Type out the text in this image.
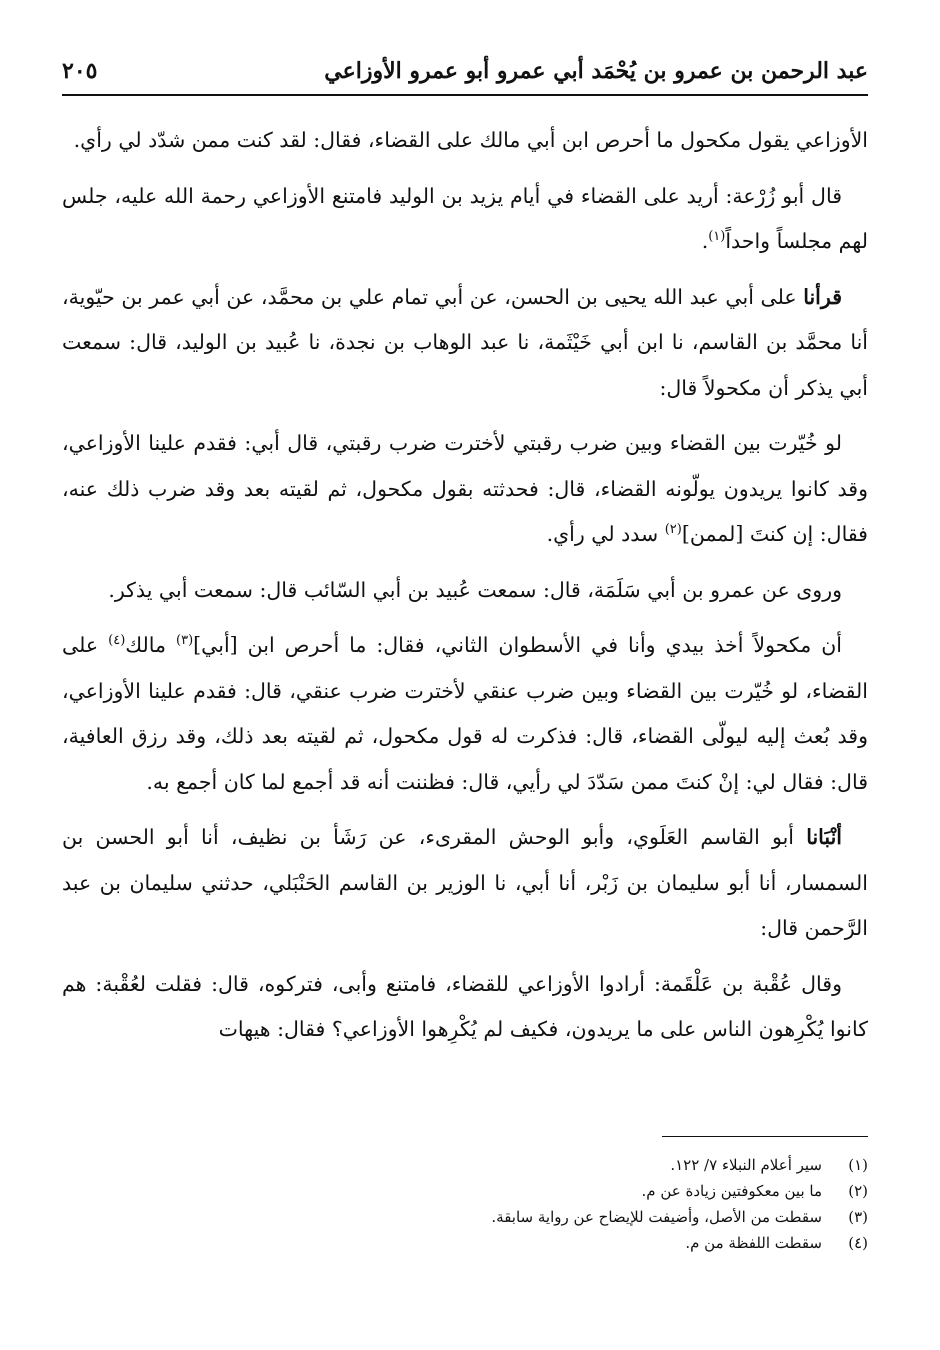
عبد الرحمن بن عمرو بن يُحْمَد أبي عمرو أبو عمرو الأوزاعي
٢٠٥

الأوزاعي يقول مكحول ما أحرص ابن أبي مالك على القضاء، فقال: لقد كنت ممن شدّد لي رأي.

قال أبو زُرْعة: أريد على القضاء في أيام يزيد بن الوليد فامتنع الأوزاعي رحمة الله عليه، جلس لهم مجلساً واحداً$^{(١)}$.

قرأنا على أبي عبد الله يحيى بن الحسن، عن أبي تمام علي بن محمَّد، عن أبي عمر بن حيّوية، أنا محمَّد بن القاسم، نا ابن أبي خَيْثَمة، نا عبد الوهاب بن نجدة، نا عُبيد بن الوليد، قال: سمعت أبي يذكر أن مكحولاً قال:

لو خُيّرت بين القضاء وبين ضرب رقبتي لأخترت ضرب رقبتي، قال أبي: فقدم علينا الأوزاعي، وقد كانوا يريدون يولّونه القضاء، قال: فحدثته بقول مكحول، ثم لقيته بعد وقد ضرب ذلك عنه، فقال: إن كنتَ [لممن]$^{(٢)}$ سدد لي رأي.

وروى عن عمرو بن أبي سَلَمَة، قال: سمعت عُبيد بن أبي السّائب قال: سمعت أبي يذكر.

أن مكحولاً أخذ بيدي وأنا في الأسطوان الثاني، فقال: ما أحرص ابن [أبي]$^{(٣)}$ مالك$^{(٤)}$ على القضاء، لو خُيّرت بين القضاء وبين ضرب عنقي لأخترت ضرب عنقي، قال: فقدم علينا الأوزاعي، وقد بُعث إليه ليولّى القضاء، قال: فذكرت له قول مكحول، ثم لقيته بعد ذلك، وقد رزق العافية، قال: فقال لي: إنْ كنتَ ممن سَدّدَ لي رأيي، قال: فظننت أنه قد أجمع لما كان أجمع به.

أنْبَانا أبو القاسم العَلَوي، وأبو الوحش المقرىء، عن رَشَأ بن نظيف، أنا أبو الحسن بن السمسار، أنا أبو سليمان بن زَبْر، أنا أبي، نا الوزير بن القاسم الحَنْبَلي، حدثني سليمان بن عبد الرَّحمن قال:

وقال عُقْبة بن عَلْقَمة: أرادوا الأوزاعي للقضاء، فامتنع وأبى، فتركوه، قال: فقلت لعُقْبة: هم كانوا يُكْرِهون الناس على ما يريدون، فكيف لم يُكْرِهوا الأوزاعي؟ فقال: هيهات

(١)
سير أعلام النبلاء ٧/ ١٢٢.
(٢)
ما بين معكوفتين زيادة عن م.
(٣)
سقطت من الأصل، وأضيفت للإيضاح عن رواية سابقة.
(٤)
سقطت اللفظة من م.
